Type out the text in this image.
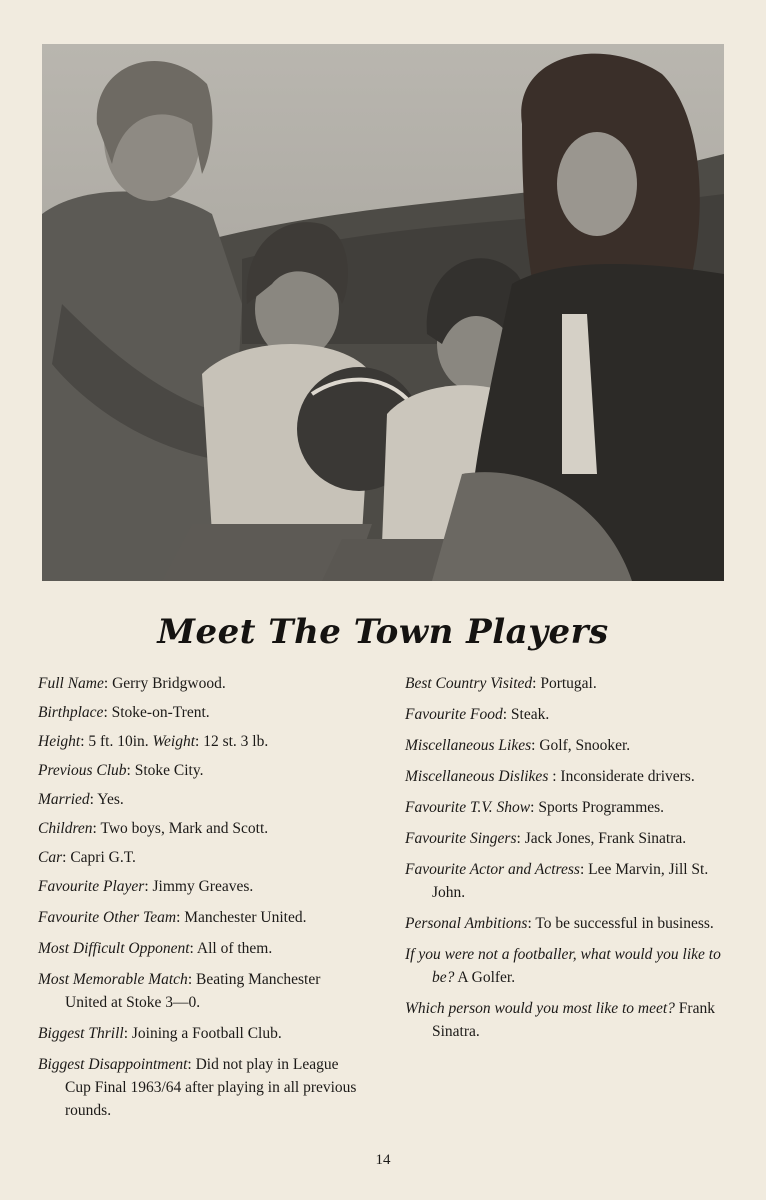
Meet The Town Players

Full Name: Gerry Bridgwood.

Birthplace: Stoke-on-Trent.

Height: 5 ft. 10in. Weight: 12 st. 3 lb.

Previous Club: Stoke City.

Married: Yes.

Children: Two boys, Mark and Scott.

Car: Capri G.T.

Favourite Player: Jimmy Greaves.

Favourite Other Team: Manchester United.

Most Difficult Opponent: All of them.

Most Memorable Match: Beating Manchester United at Stoke 3—0.

Biggest Thrill: Joining a Football Club.

Biggest Disappointment: Did not play in League Cup Final 1963/64 after playing in all previous rounds.

Best Country Visited: Portugal.

Favourite Food: Steak.

Miscellaneous Likes: Golf, Snooker.

Miscellaneous Dislikes : Inconsiderate drivers.

Favourite T.V. Show: Sports Programmes.

Favourite Singers: Jack Jones, Frank Sinatra.

Favourite Actor and Actress: Lee Marvin, Jill St. John.

Personal Ambitions: To be successful in business.

If you were not a footballer, what would you like to be? A Golfer.

Which person would you most like to meet? Frank Sinatra.

14
